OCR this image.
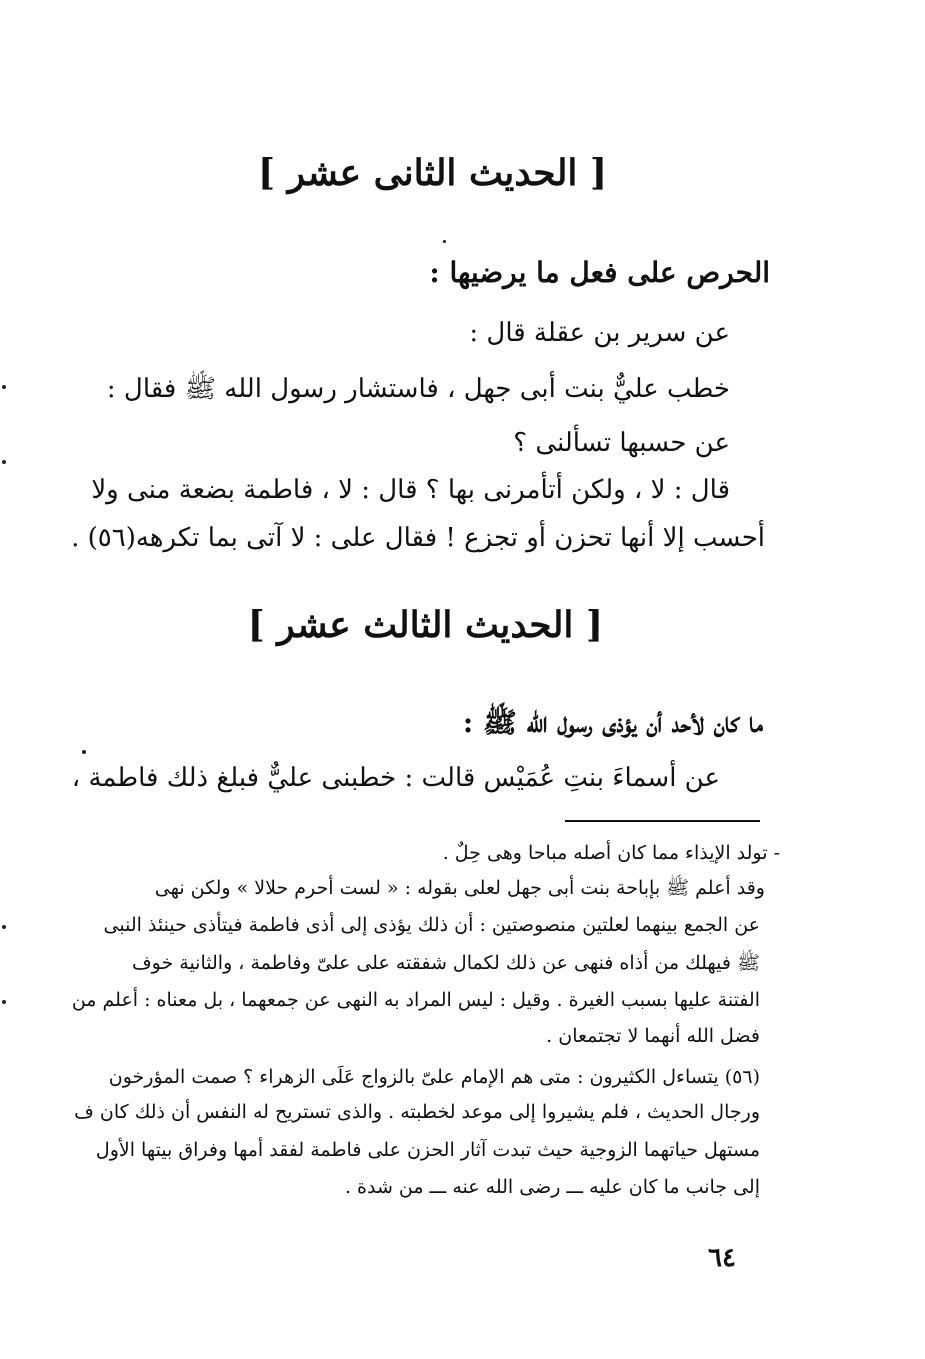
[ الحديث الثانى عشر ]
الحرص على فعل ما يرضيها :
عن سرير بن عقلة قال :
خطب عليٌّ بنت أبى جهل ، فاستشار رسول الله ﷺ فقال :
عن حسبها تسألنى ؟
قال : لا ، ولكن أتأمرنى بها ؟ قال : لا ، فاطمة بضعة منى ولا
أحسب إلا أنها تحزن أو تجزع ! فقال على : لا آتى بما تكرهه(٥٦) .
[ الحديث الثالث عشر ]
ما كان لأحد أن يؤذى رسول الله ﷺ :
عن أسماءَ بنتِ عُمَيْس قالت : خطبنى عليٌّ فبلغ ذلك فاطمة ،
- تولد الإيذاء مما كان أصله مباحا وهى حِلٌ .
وقد أعلم ﷺ بإباحة بنت أبى جهل لعلى بقوله : « لست أحرم حلالا » ولكن نهى
عن الجمع بينهما لعلتين منصوصتين : أن ذلك يؤذى إلى أذى فاطمة فيتأذى حينئذ النبى
ﷺ فيهلك من أذاه فنهى عن ذلك لكمال شفقته على علىّ وفاطمة ، والثانية خوف
الفتنة عليها بسبب الغيرة . وقيل : ليس المراد به النهى عن جمعهما ، بل معناه : أعلم من
فضل الله أنهما لا تجتمعان .
(٥٦) يتساءل الكثيرون : متى هم الإمام علىّ بالزواج عَلَى الزهراء ؟ صمت المؤرخون
ورجال الحديث ، فلم يشيروا إلى موعد لخطبته . والذى تستريح له النفس أن ذلك كان ف
مستهل حياتهما الزوجية حيث تبدت آثار الحزن على فاطمة لفقد أمها وفراق بيتها الأول
إلى جانب ما كان عليه ـــ رضى الله عنه ـــ من شدة .
٦٤
